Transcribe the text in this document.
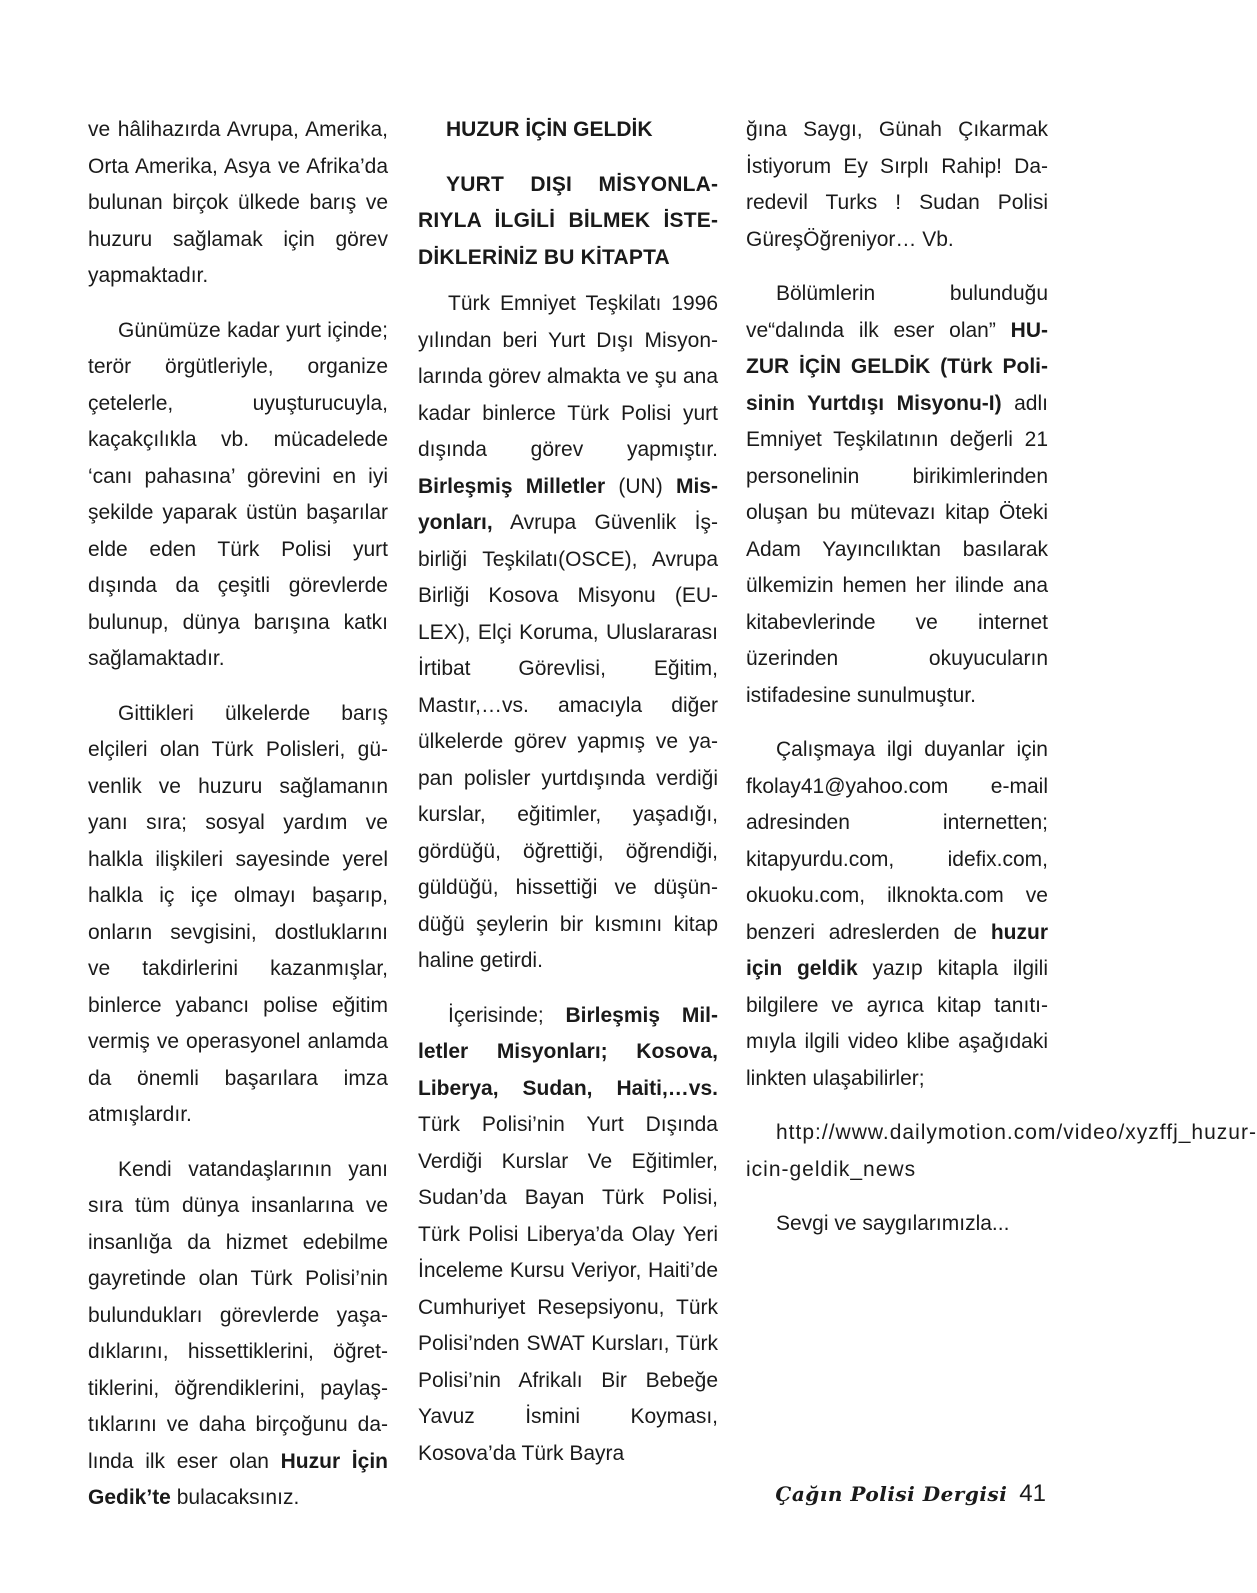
ve hâlihazırda Avrupa, Amerika, Orta Amerika, Asya ve Afrika’da bulunan birçok ülkede barış ve huzuru sağlamak için görev yapmaktadır.

Günümüze kadar yurt içinde; terör örgütleriyle, organize çetelerle, uyuşturucuyla, kaçakçılıkla vb. mücadelede ‘canı pahasına’ görevini en iyi şekilde yaparak üstün başarılar elde eden Türk Polisi yurt dışında da çeşitli görevlerde bulunup, dünya barışına katkı sağlamaktadır.

Gittikleri ülkelerde barış elçileri olan Türk Polisleri, güvenlik ve huzuru sağlamanın yanı sıra; sosyal yardım ve halkla ilişkileri sayesinde yerel halkla iç içe olmayı başarıp, onların sevgisini, dostluklarını ve takdirlerini kazanmışlar, binlerce yabancı polise eğitim vermiş ve operasyonel anlamda da önemli başarılara imza atmışlardır.

Kendi vatandaşlarının yanı sıra tüm dünya insanlarına ve insanlığa da hizmet edebilme gayretinde olan Türk Polisi’nin bulundukları görevlerde yaşadıklarını, hissettiklerini, öğrettiklerini, öğrendiklerini, paylaştıklarını ve daha birçoğunu dalında ilk eser olan Huzur İçin Gedik’te bulacaksınız.

HUZUR İÇİN GELDİK
YURT DIŞI MİSYONLARIYLA İLGİLİ BİLMEK İSTEDİKLERİNİZ BU KİTAPTA

Türk Emniyet Teşkilatı 1996 yılından beri Yurt Dışı Misyonlarında görev almakta ve şu ana kadar binlerce Türk Polisi yurt dışında görev yapmıştır. Birleşmiş Milletler (UN) Misyonları, Avrupa Güvenlik İşbirliği Teşkilatı(OSCE), Avrupa Birliği Kosova Misyonu (EULEX), Elçi Koruma, Uluslararası İrtibat Görevlisi, Eğitim, Mastır,…vs. amacıyla diğer ülkelerde görev yapmış ve yapan polisler yurtdışında verdiği kurslar, eğitimler, yaşadığı, gördüğü, öğrettiği, öğrendiği, güldüğü, hissettiği ve düşündüğü şeylerin bir kısmını kitap haline getirdi.

İçerisinde; Birleşmiş Milletler Misyonları; Kosova, Liberya, Sudan, Haiti,…vs. Türk Polisi’nin Yurt Dışında Verdiği Kurslar Ve Eğitimler, Sudan’da Bayan Türk Polisi, Türk Polisi Liberya’da Olay Yeri İnceleme Kursu Veriyor, Haiti’de Cumhuriyet Resepsiyonu, Türk Polisi’nden SWAT Kursları, Türk Polisi’nin Afrikalı Bir Bebeğe Yavuz İsmini Koyması, Kosova’da Türk Bayra

ğına Saygı, Günah Çıkarmak İstiyorum Ey Sırplı Rahip! Daredevil Turks ! Sudan Polisi GüreşÖğreniyor… Vb.

Bölümlerin bulunduğu ve“dalında ilk eser olan” HUZUR İÇİN GELDİK (Türk Polisinin Yurtdışı Misyonu-I) adlı Emniyet Teşkilatının değerli 21 personelinin birikimlerinden oluşan bu mütevazı kitap Öteki Adam Yayıncılıktan basılarak ülkemizin hemen her ilinde ana kitabevlerinde ve internet üzerinden okuyucuların istifadesine sunulmuştur.

Çalışmaya ilgi duyanlar için fkolay41@yahoo.com e-mail adresinden internetten; kitapyurdu.com, idefix.com, okuoku.com, ilknokta.com ve benzeri adreslerden de huzur için geldik yazıp kitapla ilgili bilgilere ve ayrıca kitap tanıtımıyla ilgili video klibe aşağıdaki linkten ulaşabilirler;

http://www.dailymotion.com/video/xyzffj_huzur-icin-geldik_news

Sevgi ve saygılarımızla...

Çağın Polisi Dergisi 41
